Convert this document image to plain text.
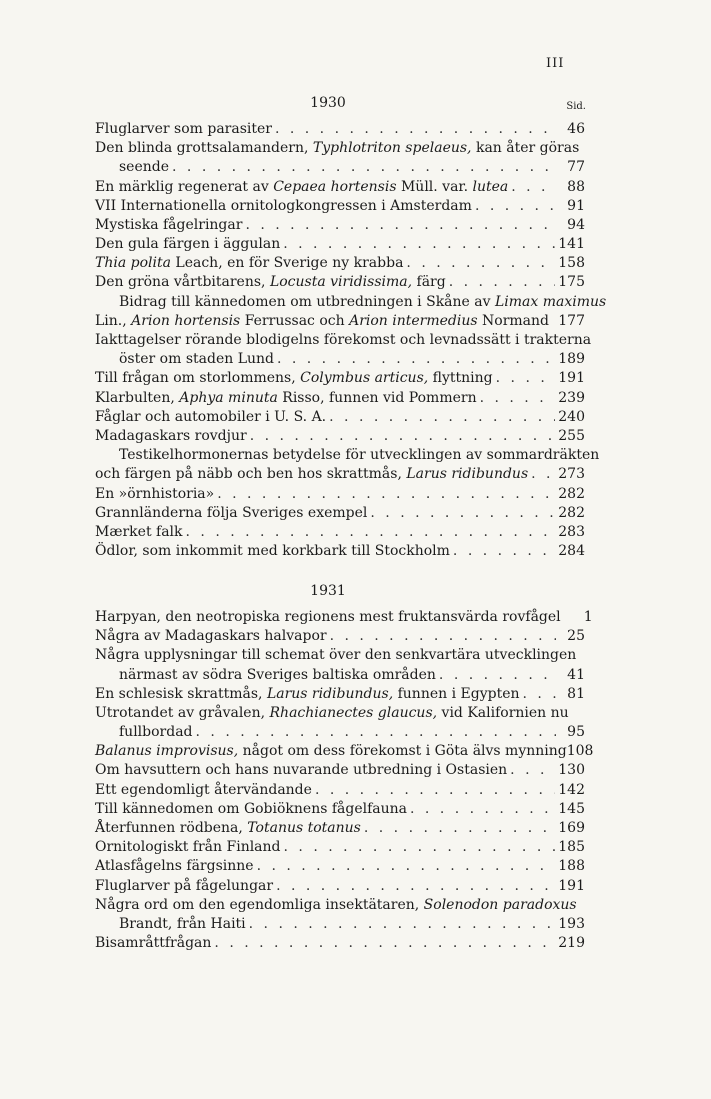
III
1930	Sid.
Fluglarver som parasiter . . .	46
Den blinda grottsalamandern, Typhlotriton spelaeus, kan åter göras
seende . . .	77
En märklig regenerat av Cepaea hortensis Müll. var. lutea . . .	88
VII Internationella ornitologkongressen i Amsterdam . . .	91
Mystiska fågelringar . . .	94
Den gula färgen i äggulan . . .	141
Thia polita Leach, en för Sverige ny krabba . . .	158
Den gröna vårtbitarens, Locusta viridissima, färg . . .	175
Bidrag till kännedomen om utbredningen i Skåne av Limax maximus
Lin., Arion hortensis Ferrussac och Arion intermedius Normand 177
Iakttagelser rörande blodigelns förekomst och levnadssätt i trakterna
öster om staden Lund . . .	189
Till frågan om storlommens, Colymbus articus, flyttning . . .	191
Klarbulten, Aphya minuta Risso, funnen vid Pommern . . .	239
Fåglar och automobiler i U. S. A. . . .	240
Madagaskars rovdjur . . .	255
Testikelhormonernas betydelse för utvecklingen av sommardräkten
och färgen på näbb och ben hos skrattmås, Larus ridibundus . . . 273
En »örnhistoria» . . .	282
Grannländerna följa Sveriges exempel . . .	282
Mærket falk . . .	283
Ödlor, som inkommit med korkbark till Stockholm . . .	284
1931
Harpyan, den neotropiska regionens mest fruktansvärda rovfågel	1
Några av Madagaskars halvapor . . .	25
Några upplysningar till schemat över den senkvartära utvecklingen
närmast av södra Sveriges baltiska områden . . .	41
En schlesisk skrattmås, Larus ridibundus, funnen i Egypten . . .	81
Utrotandet av gråvalen, Rhachianectes glaucus, vid Kalifornien nu
fullbordad . . .	95
Balanus improvisus, något om dess förekomst i Göta älvs mynning 108
Om havsuttern och hans nuvarande utbredning i Ostasien . . .	130
Ett egendomligt återvändande . . .	142
Till kännedomen om Gobiöknens fågelfauna . . .	145
Återfunnen rödbena, Totanus totanus . . .	169
Ornitologiskt från Finland . . .	185
Atlasfågelns färgsinne . . .	188
Fluglarver på fågelungar . . .	191
Några ord om den egendomliga insektätaren, Solenodon paradoxus
Brandt, från Haiti . . .	193
Bisamråttfrågan . . .	219
